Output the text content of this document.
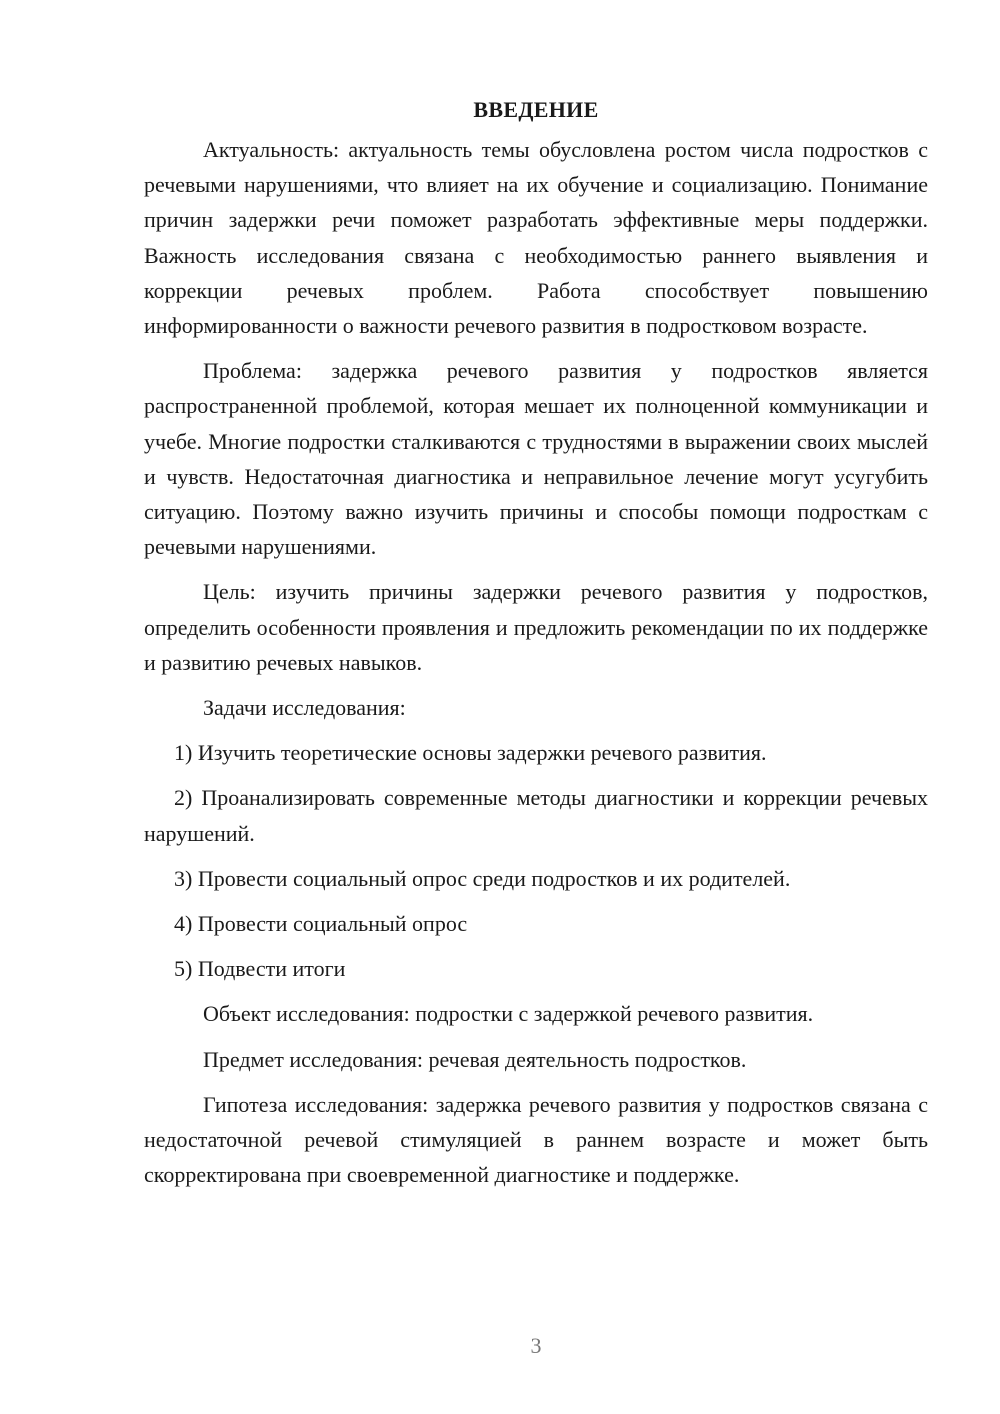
ВВЕДЕНИЕ

Актуальность: актуальность темы обусловлена ростом числа подростков с речевыми нарушениями, что влияет на их обучение и социализацию. Понимание причин задержки речи поможет разработать эффективные меры поддержки. Важность исследования связана с необходимостью раннего выявления и коррекции речевых проблем. Работа способствует повышению информированности о важности речевого развития в подростковом возрасте.

Проблема: задержка речевого развития у подростков является распространенной проблемой, которая мешает их полноценной коммуникации и учебе. Многие подростки сталкиваются с трудностями в выражении своих мыслей и чувств. Недостаточная диагностика и неправильное лечение могут усугубить ситуацию. Поэтому важно изучить причины и способы помощи подросткам с речевыми нарушениями.

Цель: изучить причины задержки речевого развития у подростков, определить особенности проявления и предложить рекомендации по их поддержке и развитию речевых навыков.

Задачи исследования:

1) Изучить теоретические основы задержки речевого развития.

2) Проанализировать современные методы диагностики и коррекции речевых нарушений.

3) Провести социальный опрос среди подростков и их родителей.

4) Провести социальный опрос

5) Подвести итоги

Объект исследования: подростки с задержкой речевого развития.

Предмет исследования: речевая деятельность подростков.

Гипотеза исследования: задержка речевого развития у подростков связана с недостаточной речевой стимуляцией в раннем возрасте и может быть скорректирована при своевременной диагностике и поддержке.

3
